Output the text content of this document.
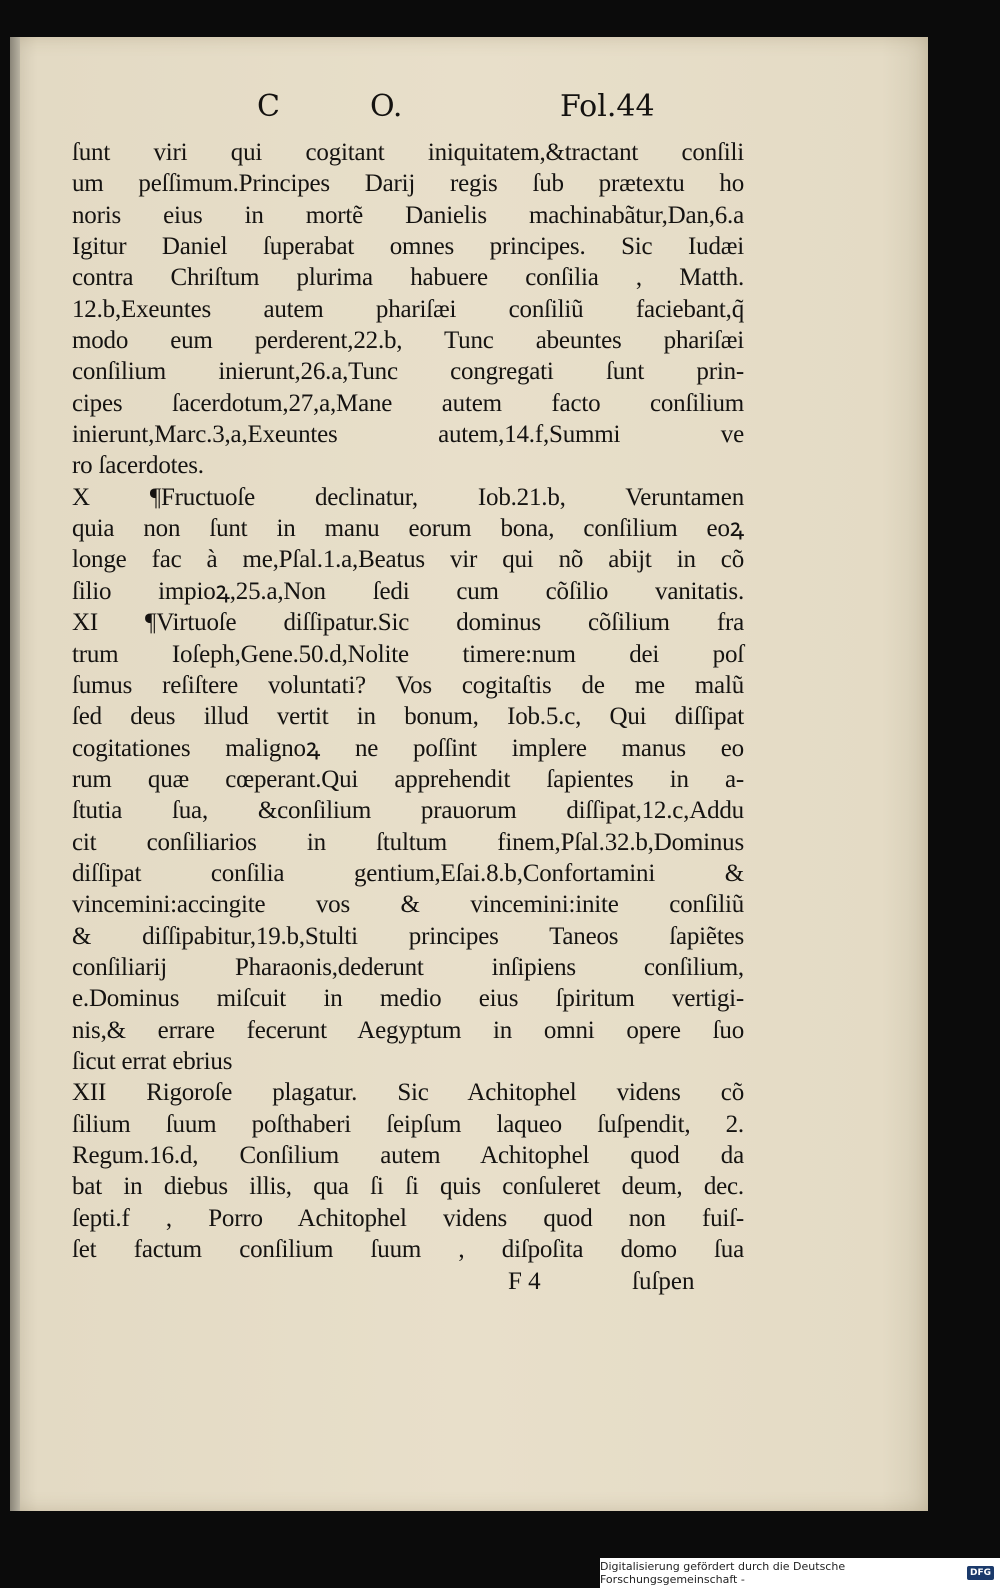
C	O.	Fol.44
ſunt viri qui cogitant iniquitatem,&tractant conſili
um peſſimum.Principes Darij regis ſub prætextu ho
noris eius in mortẽ Danielis machinabãtur,Dan,6.a
Igitur Daniel ſuperabat omnes principes. Sic Iudæi
contra Chriſtum plurima habuere conſilia , Matth.
12.b,Exeuntes autem phariſæi conſiliũ faciebant,q̃
modo eum perderent,22.b, Tunc abeuntes phariſæi
conſilium inierunt,26.a,Tunc congregati ſunt prin-
cipes ſacerdotum,27,a,Mane autem facto conſilium
inierunt,Marc.3,a,Exeuntes autem,14.f,Summi ve
ro ſacerdotes.
X ¶Fructuoſe declinatur, Iob.21.b, Veruntamen
quia non ſunt in manu eorum bona, conſilium eoꝝ
longe fac à me,Pſal.1.a,Beatus vir qui nõ abijt in cõ
ſilio impioꝝ,25.a,Non ſedi cum cõſilio vanitatis.
XI ¶Virtuoſe diſſipatur.Sic dominus cõſilium fra
trum Ioſeph,Gene.50.d,Nolite timere:num dei poſ
ſumus reſiſtere voluntati? Vos cogitaſtis de me malũ
ſed deus illud vertit in bonum, Iob.5.c, Qui diſſipat
cogitationes malignoꝝ ne poſſint implere manus eo
rum quæ cœperant.Qui apprehendit ſapientes in a-
ſtutia ſua, &conſilium prauorum diſſipat,12.c,Addu
cit conſiliarios in ſtultum finem,Pſal.32.b,Dominus
diſſipat conſilia gentium,Eſai.8.b,Confortamini &
vincemini:accingite vos & vincemini:inite conſiliũ
& diſſipabitur,19.b,Stulti principes Taneos ſapiẽtes
conſiliarij Pharaonis,dederunt inſipiens conſilium,
e.Dominus miſcuit in medio eius ſpiritum vertigi-
nis,& errare fecerunt Aegyptum in omni opere ſuo
ſicut errat ebrius
XII Rigoroſe plagatur. Sic Achitophel videns cõ
ſilium ſuum poſthaberi ſeipſum laqueo ſuſpendit, 2.
Regum.16.d, Conſilium autem Achitophel quod da
bat in diebus illis, qua ſi ſi quis conſuleret deum, dec.
ſepti.f , Porro Achitophel videns quod non fuiſ-
ſet factum conſilium ſuum , diſpoſita domo ſua
F 4	ſuſpen
Digitalisierung gefördert durch die Deutsche Forschungsgemeinschaft -	DFG
